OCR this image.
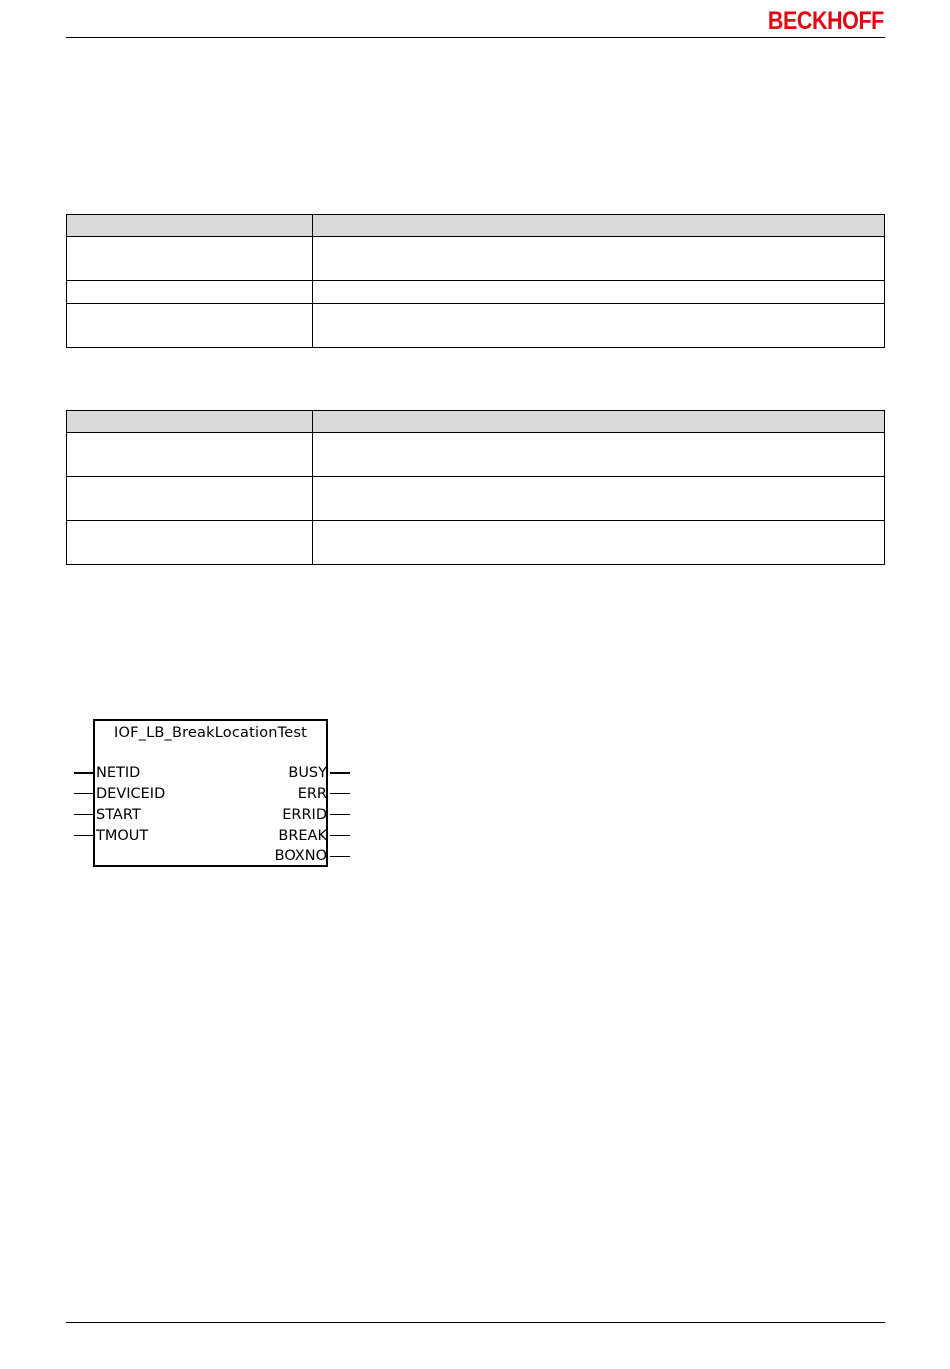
BECKHOFF

IOF_LB_BreakLocationTest
NETID
DEVICEID
START
TMOUT
BUSY
ERR
ERRID
BREAK
BOXNO
